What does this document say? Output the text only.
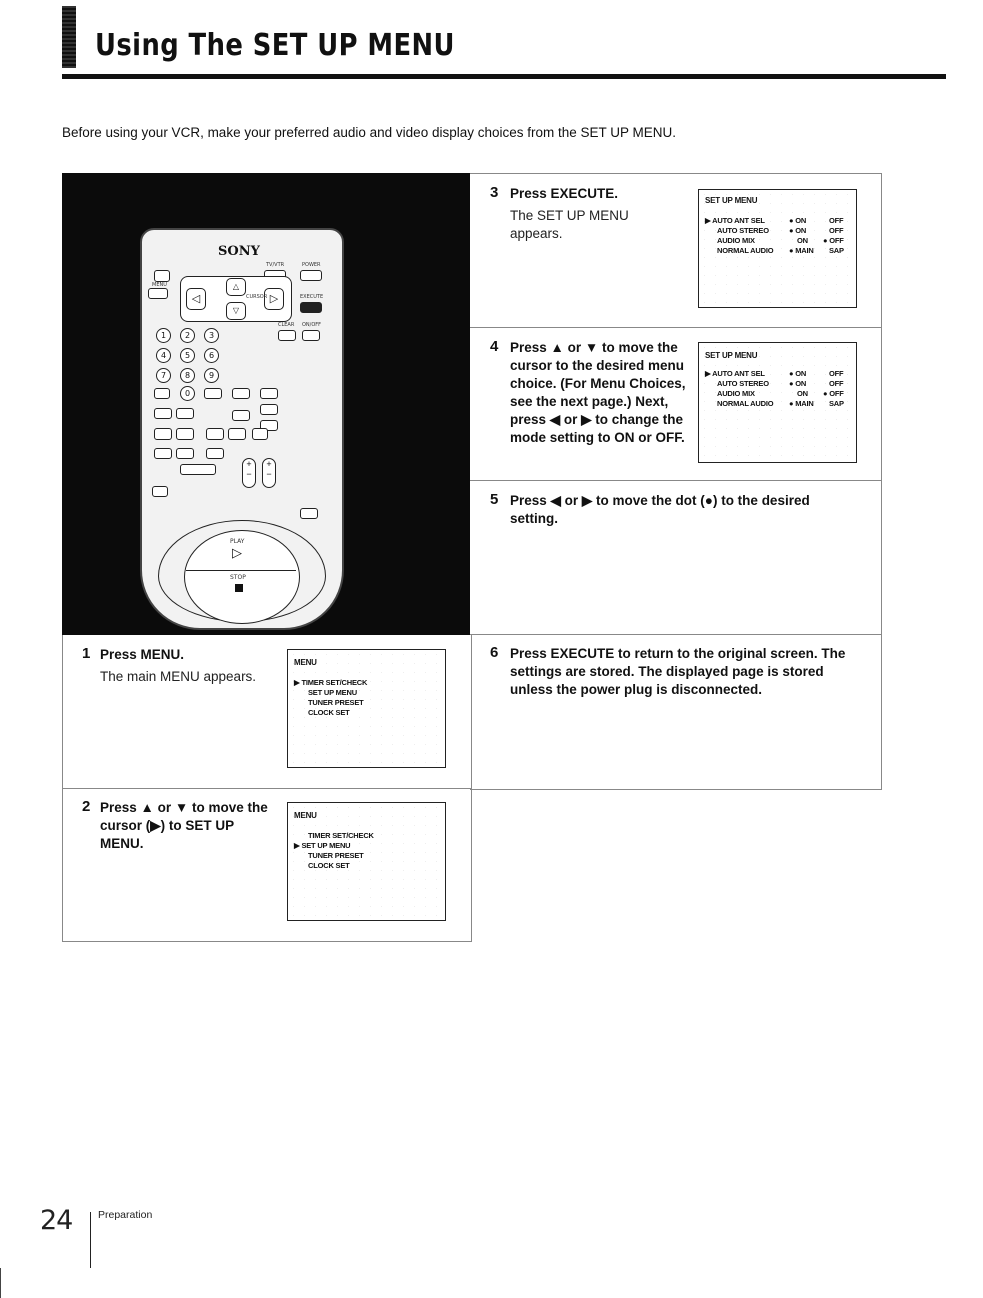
Using The SET UP MENU
Before using your VCR, make your preferred audio and video display choices from the SET UP MENU.
SONY
TV/VTR	POWER
MENU
◁
△
▽
▷
CURSOR	EXECUTE
CLEAR ON/OFF
1	2	3
4	5	6
7	8	9
0
+
−
+
−
PLAY
▷
STOP
1 Press MENU.
The main MENU appears.
MENU
▶ TIMER SET/CHECK
SET UP MENU
TUNER PRESET
CLOCK SET
2 Press ▲ or ▼ to move the cursor (▶) to SET UP MENU.
MENU
TIMER SET/CHECK
▶ SET UP MENU
TUNER PRESET
CLOCK SET
3 Press EXECUTE.
The SET UP MENU appears.
SET UP MENU
▶ AUTO ANT SEL	● ON	OFF
AUTO STEREO	● ON	OFF
AUDIO MIX	ON ● OFF
NORMAL AUDIO ● MAIN SAP
4 Press ▲ or ▼ to move the cursor to the desired menu choice. (For Menu Choices, see the next page.) Next, press ◀ or ▶ to change the mode setting to ON or OFF.
SET UP MENU
▶ AUTO ANT SEL	● ON	OFF
AUTO STEREO	● ON	OFF
AUDIO MIX	ON ● OFF
NORMAL AUDIO ● MAIN SAP
5 Press ◀ or ▶ to move the dot (●) to the desired setting.
6 Press EXECUTE to return to the original screen. The settings are stored. The displayed page is stored unless the power plug is disconnected.
24 Preparation
